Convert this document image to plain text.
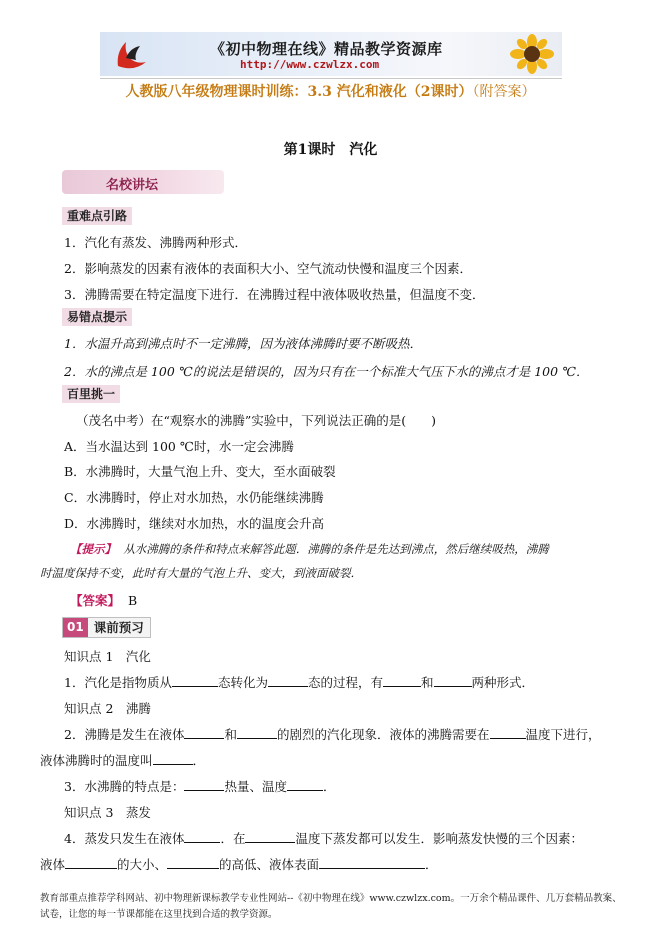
《初中物理在线》精品教学资源库
http://www.czwlzx.com
人教版八年级物理课时训练：3.3 汽化和液化（2课时）（附答案）
第1课时　汽化
名校讲坛
重难点引路
1．汽化有蒸发、沸腾两种形式．
2．影响蒸发的因素有液体的表面积大小、空气流动快慢和温度三个因素．
3．沸腾需要在特定温度下进行．在沸腾过程中液体吸收热量，但温度不变．
易错点提示
1．水温升高到沸点时不一定沸腾，因为液体沸腾时要不断吸热．
2．水的沸点是 100 ℃的说法是错误的，因为只有在一个标准大气压下水的沸点才是 100 ℃．
百里挑一
（茂名中考）在“观察水的沸腾”实验中，下列说法正确的是(　　)
A．当水温达到 100 ℃时，水一定会沸腾
B．水沸腾时，大量气泡上升、变大，至水面破裂
C．水沸腾时，停止对水加热，水仍能继续沸腾
D．水沸腾时，继续对水加热，水的温度会升高
【提示】 从水沸腾的条件和特点来解答此题．沸腾的条件是先达到沸点，然后继续吸热，沸腾
时温度保持不变，此时有大量的气泡上升、变大，到液面破裂．
【答案】 B
01 课前预习
知识点 1　汽化
1．汽化是指物质从	态转化为	态的过程，有	和	两种形式．
知识点 2　沸腾
2．沸腾是发生在液体	和	的剧烈的汽化现象．液体的沸腾需要在	温度下进行，
液体沸腾时的温度叫	．
3．水沸腾的特点是：	热量、温度	．
知识点 3　蒸发
4．蒸发只发生在液体	．在	温度下蒸发都可以发生．影响蒸发快慢的三个因素：
液体	的大小、	的高低、液体表面	．
教育部重点推荐学科网站、初中物理新课标教学专业性网站--《初中物理在线》www.czwlzx.com。一万余个精品课件、几万套精品教案、试卷，让您的每一节课都能在这里找到合适的教学资源。
